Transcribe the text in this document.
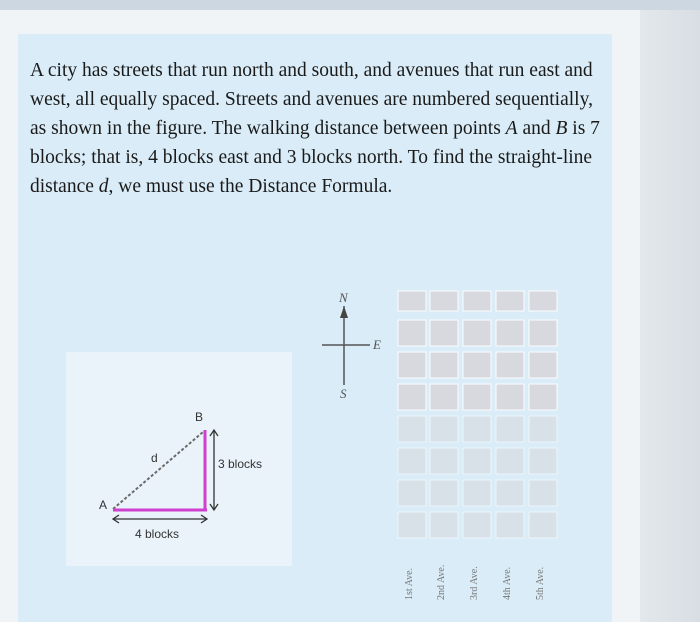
A city has streets that run north and south, and avenues that run east and west, all equally spaced. Streets and avenues are numbered sequentially, as shown in the figure. The walking distance between points A and B is 7 blocks; that is, 4 blocks east and 3 blocks north. To find the straight-line distance d, we must use the Distance Formula.

A
B
d
4 blocks
3 blocks
N
E
S
1st Ave. 2nd Ave. 3rd Ave. 4th Ave. 5th Ave.
